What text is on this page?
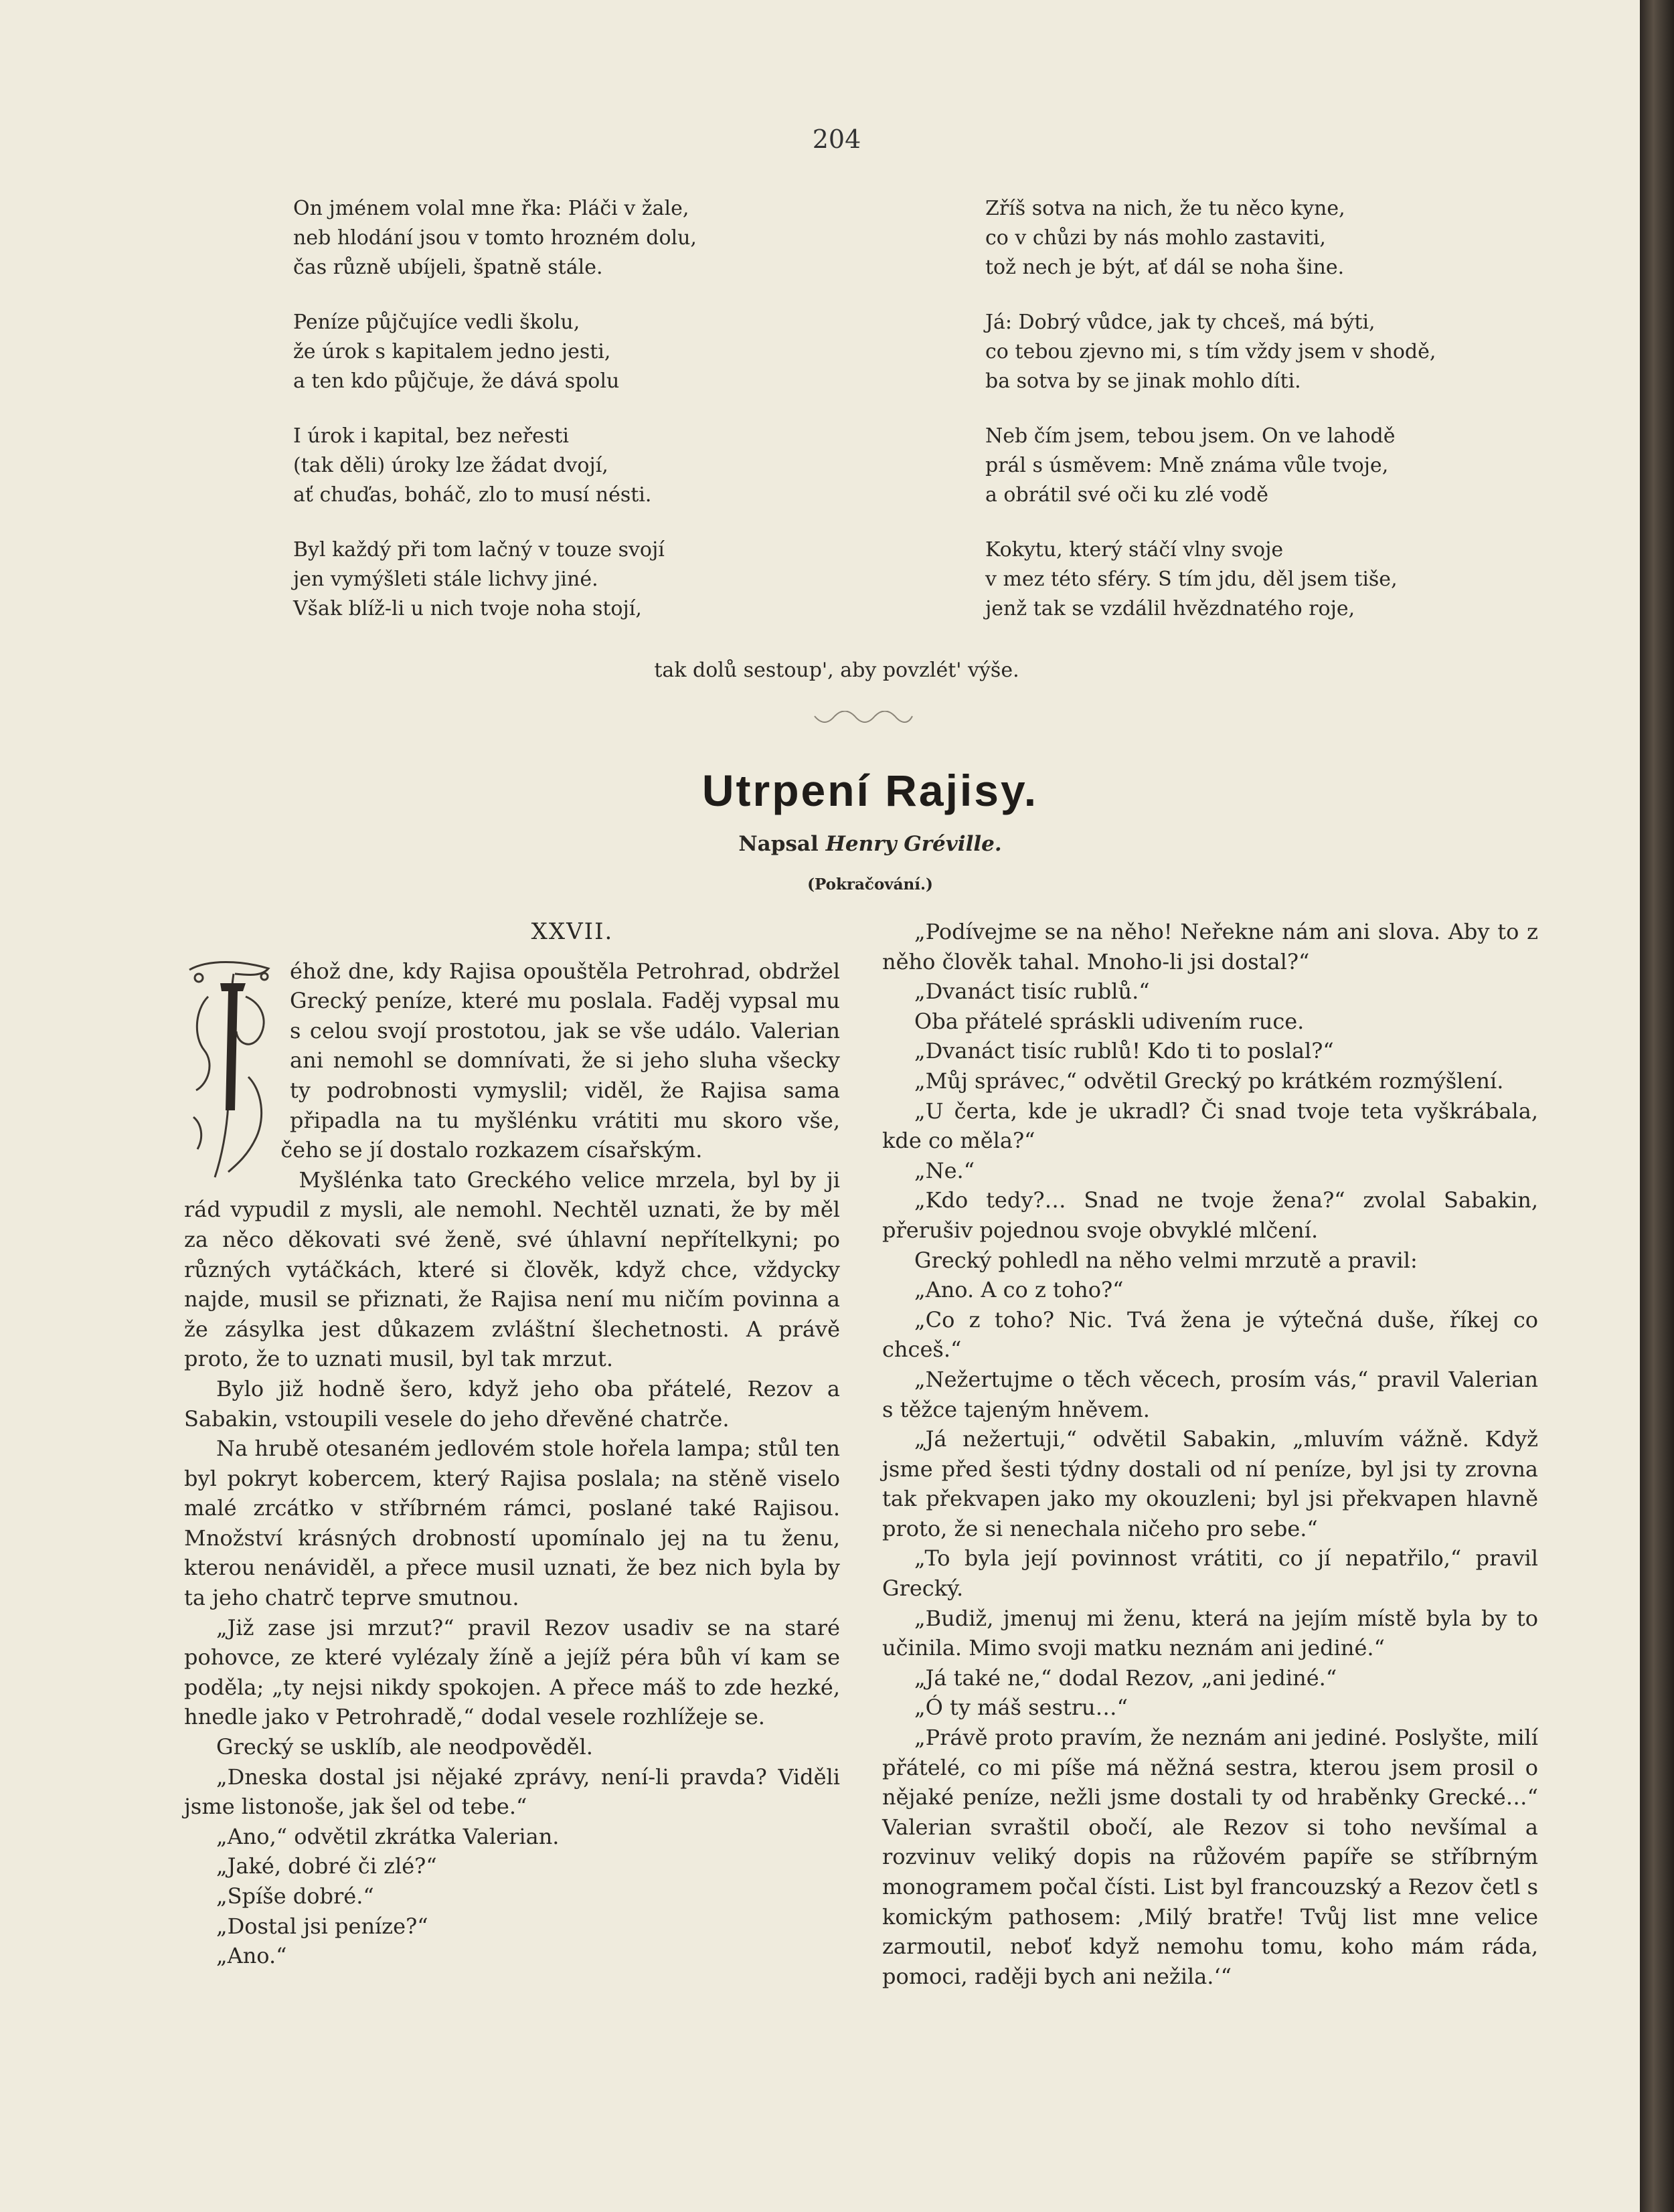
204
On jménem volal mne řka: Pláči v žale,
neb hlodání jsou v tomto hrozném dolu,
čas různě ubíjeli, špatně stále.
Peníze půjčujíce vedli školu,
že úrok s kapitalem jedno jesti,
a ten kdo půjčuje, že dává spolu
I úrok i kapital, bez neřesti
(tak děli) úroky lze žádat dvojí,
ať chuďas, boháč, zlo to musí nésti.
Byl každý při tom lačný v touze svojí
jen vymýšleti stále lichvy jiné.
Však blíž-li u nich tvoje noha stojí,
Zříš sotva na nich, že tu něco kyne,
co v chůzi by nás mohlo zastaviti,
tož nech je být, ať dál se noha šine.
Já: Dobrý vůdce, jak ty chceš, má býti,
co tebou zjevno mi, s tím vždy jsem v shodě,
ba sotva by se jinak mohlo díti.
Neb čím jsem, tebou jsem. On ve lahodě
prál s úsměvem: Mně známa vůle tvoje,
a obrátil své oči ku zlé vodě
Kokytu, který stáčí vlny svoje
v mez této sféry. S tím jdu, děl jsem tiše,
jenž tak se vzdálil hvězdnatého roje,
tak dolů sestoup', aby povzlét' výše.
Utrpení Rajisy.
Napsal Henry Gréville.
(Pokračování.)
XXVII.

éhož dne, kdy Rajisa opouštěla Petrohrad, obdržel Grecký peníze, které mu poslala. Faděj vypsal mu s celou svojí prostotou, jak se vše událo. Valerian ani nemohl se domnívati, že si jeho sluha všecky ty podrobnosti vymyslil; viděl, že Rajisa sama připadla na tu myšlénku vrátiti mu skoro vše, čeho se jí dostalo rozkazem císařským.

Myšlénka tato Greckého velice mrzela, byl by ji rád vypudil z mysli, ale nemohl. Nechtěl uznati, že by měl za něco děkovati své ženě, své úhlavní nepřítelkyni; po různých vytáčkách, které si člověk, když chce, vždycky najde, musil se přiznati, že Rajisa není mu ničím povinna a že zásylka jest důkazem zvláštní šlechetnosti. A právě proto, že to uznati musil, byl tak mrzut.

Bylo již hodně šero, když jeho oba přátelé, Rezov a Sabakin, vstoupili vesele do jeho dřevěné chatrče.

Na hrubě otesaném jedlovém stole hořela lampa; stůl ten byl pokryt kobercem, který Rajisa poslala; na stěně viselo malé zrcátko v stříbrném rámci, poslané také Rajisou. Množství krásných drobností upomínalo jej na tu ženu, kterou nenáviděl, a přece musil uznati, že bez nich byla by ta jeho chatrč teprve smutnou.

„Již zase jsi mrzut?“ pravil Rezov usadiv se na staré pohovce, ze které vylézaly žíně a jejíž péra bůh ví kam se poděla; „ty nejsi nikdy spokojen. A přece máš to zde hezké, hnedle jako v Petrohradě,“ dodal vesele rozhlížeje se.

Grecký se usklíb, ale neodpověděl.

„Dneska dostal jsi nějaké zprávy, není-li pravda? Viděli jsme listonoše, jak šel od tebe.“

„Ano,“ odvětil zkrátka Valerian.

„Jaké, dobré či zlé?“

„Spíše dobré.“

„Dostal jsi peníze?“

„Ano.“

„Podívejme se na něho! Neřekne nám ani slova. Aby to z něho člověk tahal. Mnoho-li jsi dostal?“

„Dvanáct tisíc rublů.“

Oba přátelé spráskli udivením ruce.

„Dvanáct tisíc rublů! Kdo ti to poslal?“

„Můj správec,“ odvětil Grecký po krátkém rozmýšlení.

„U čerta, kde je ukradl? Či snad tvoje teta vyškrábala, kde co měla?“

„Ne.“

„Kdo tedy?… Snad ne tvoje žena?“ zvolal Sabakin, přerušiv pojednou svoje obvyklé mlčení.

Grecký pohledl na něho velmi mrzutě a pravil:

„Ano. A co z toho?“

„Co z toho? Nic. Tvá žena je výtečná duše, říkej co chceš.“

„Nežertujme o těch věcech, prosím vás,“ pravil Valerian s těžce tajeným hněvem.

„Já nežertuji,“ odvětil Sabakin, „mluvím vážně. Když jsme před šesti týdny dostali od ní peníze, byl jsi ty zrovna tak překvapen jako my okouzleni; byl jsi překvapen hlavně proto, že si nenechala ničeho pro sebe.“

„To byla její povinnost vrátiti, co jí nepatřilo,“ pravil Grecký.

„Budiž, jmenuj mi ženu, která na jejím místě byla by to učinila. Mimo svoji matku neznám ani jediné.“

„Já také ne,“ dodal Rezov, „ani jediné.“

„Ó ty máš sestru…“

„Právě proto pravím, že neznám ani jediné. Poslyšte, milí přátelé, co mi píše má něžná sestra, kterou jsem prosil o nějaké peníze, nežli jsme dostali ty od hraběnky Grecké…“ Valerian svraštil obočí, ale Rezov si toho nevšímal a rozvinuv veliký dopis na růžovém papíře se stříbrným monogramem počal čísti. List byl francouzský a Rezov četl s komickým pathosem: ‚Milý bratře! Tvůj list mne velice zarmoutil, neboť když nemohu tomu, koho mám ráda, pomoci, raději bych ani nežila.‘“
